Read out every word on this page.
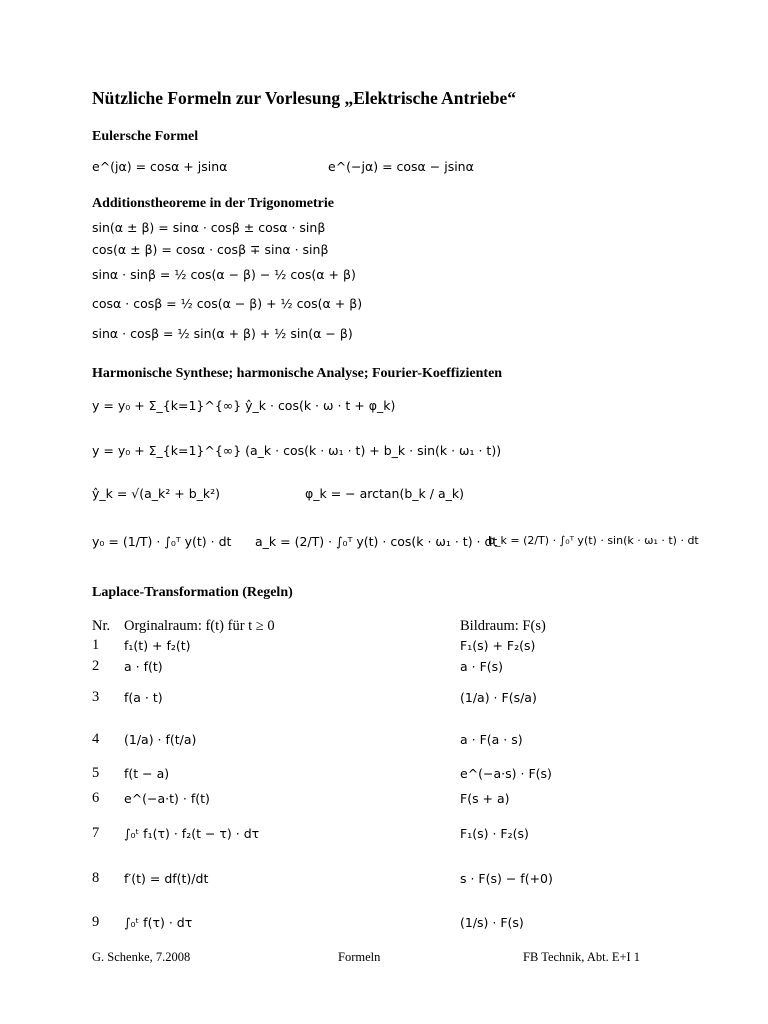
Nützliche Formeln zur Vorlesung „Elektrische Antriebe“
Eulersche Formel
e^(jα) = cosα + jsinα	e^(−jα) = cosα − jsinα
Additionstheoreme in der Trigonometrie
sin(α ± β) = sinα · cosβ ± cosα · sinβ
cos(α ± β) = cosα · cosβ ∓ sinα · sinβ
sinα · sinβ = ½ cos(α − β) − ½ cos(α + β)
cosα · cosβ = ½ cos(α − β) + ½ cos(α + β)
sinα · cosβ = ½ sin(α + β) + ½ sin(α − β)
Harmonische Synthese; harmonische Analyse; Fourier-Koeffizienten
y = y₀ + Σ_{k=1}^{∞} ŷ_k · cos(k · ω · t + φ_k)
y = y₀ + Σ_{k=1}^{∞} (a_k · cos(k · ω₁ · t) + b_k · sin(k · ω₁ · t))
ŷ_k = √(a_k² + b_k²)	φ_k = − arctan(b_k / a_k)
y₀ = (1/T) · ∫₀ᵀ y(t) · dt a_k = (2/T) · ∫₀ᵀ y(t) · cos(k · ω₁ · t) · dt
b_k = (2/T) · ∫₀ᵀ y(t) · sin(k · ω₁ · t) · dt
Laplace-Transformation (Regeln)
Nr. Orginalraum: f(t) für t ≥ 0	Bildraum: F(s)
1 f₁(t) + f₂(t)	F₁(s) + F₂(s)
2 a · f(t)	a · F(s)
3 f(a · t)	(1/a) · F(s/a)
4 (1/a) · f(t/a)	a · F(a · s)
5 f(t − a)	e^(−a·s) · F(s)
6 e^(−a·t) · f(t)	F(s + a)
7 ∫₀ᵗ f₁(τ) · f₂(t − τ) · dτ	F₁(s) · F₂(s)
8 f′(t) = df(t)/dt	s · F(s) − f(+0)
9 ∫₀ᵗ f(τ) · dτ	(1/s) · F(s)
G. Schenke, 7.2008	Formeln	FB Technik, Abt. E+I 1
